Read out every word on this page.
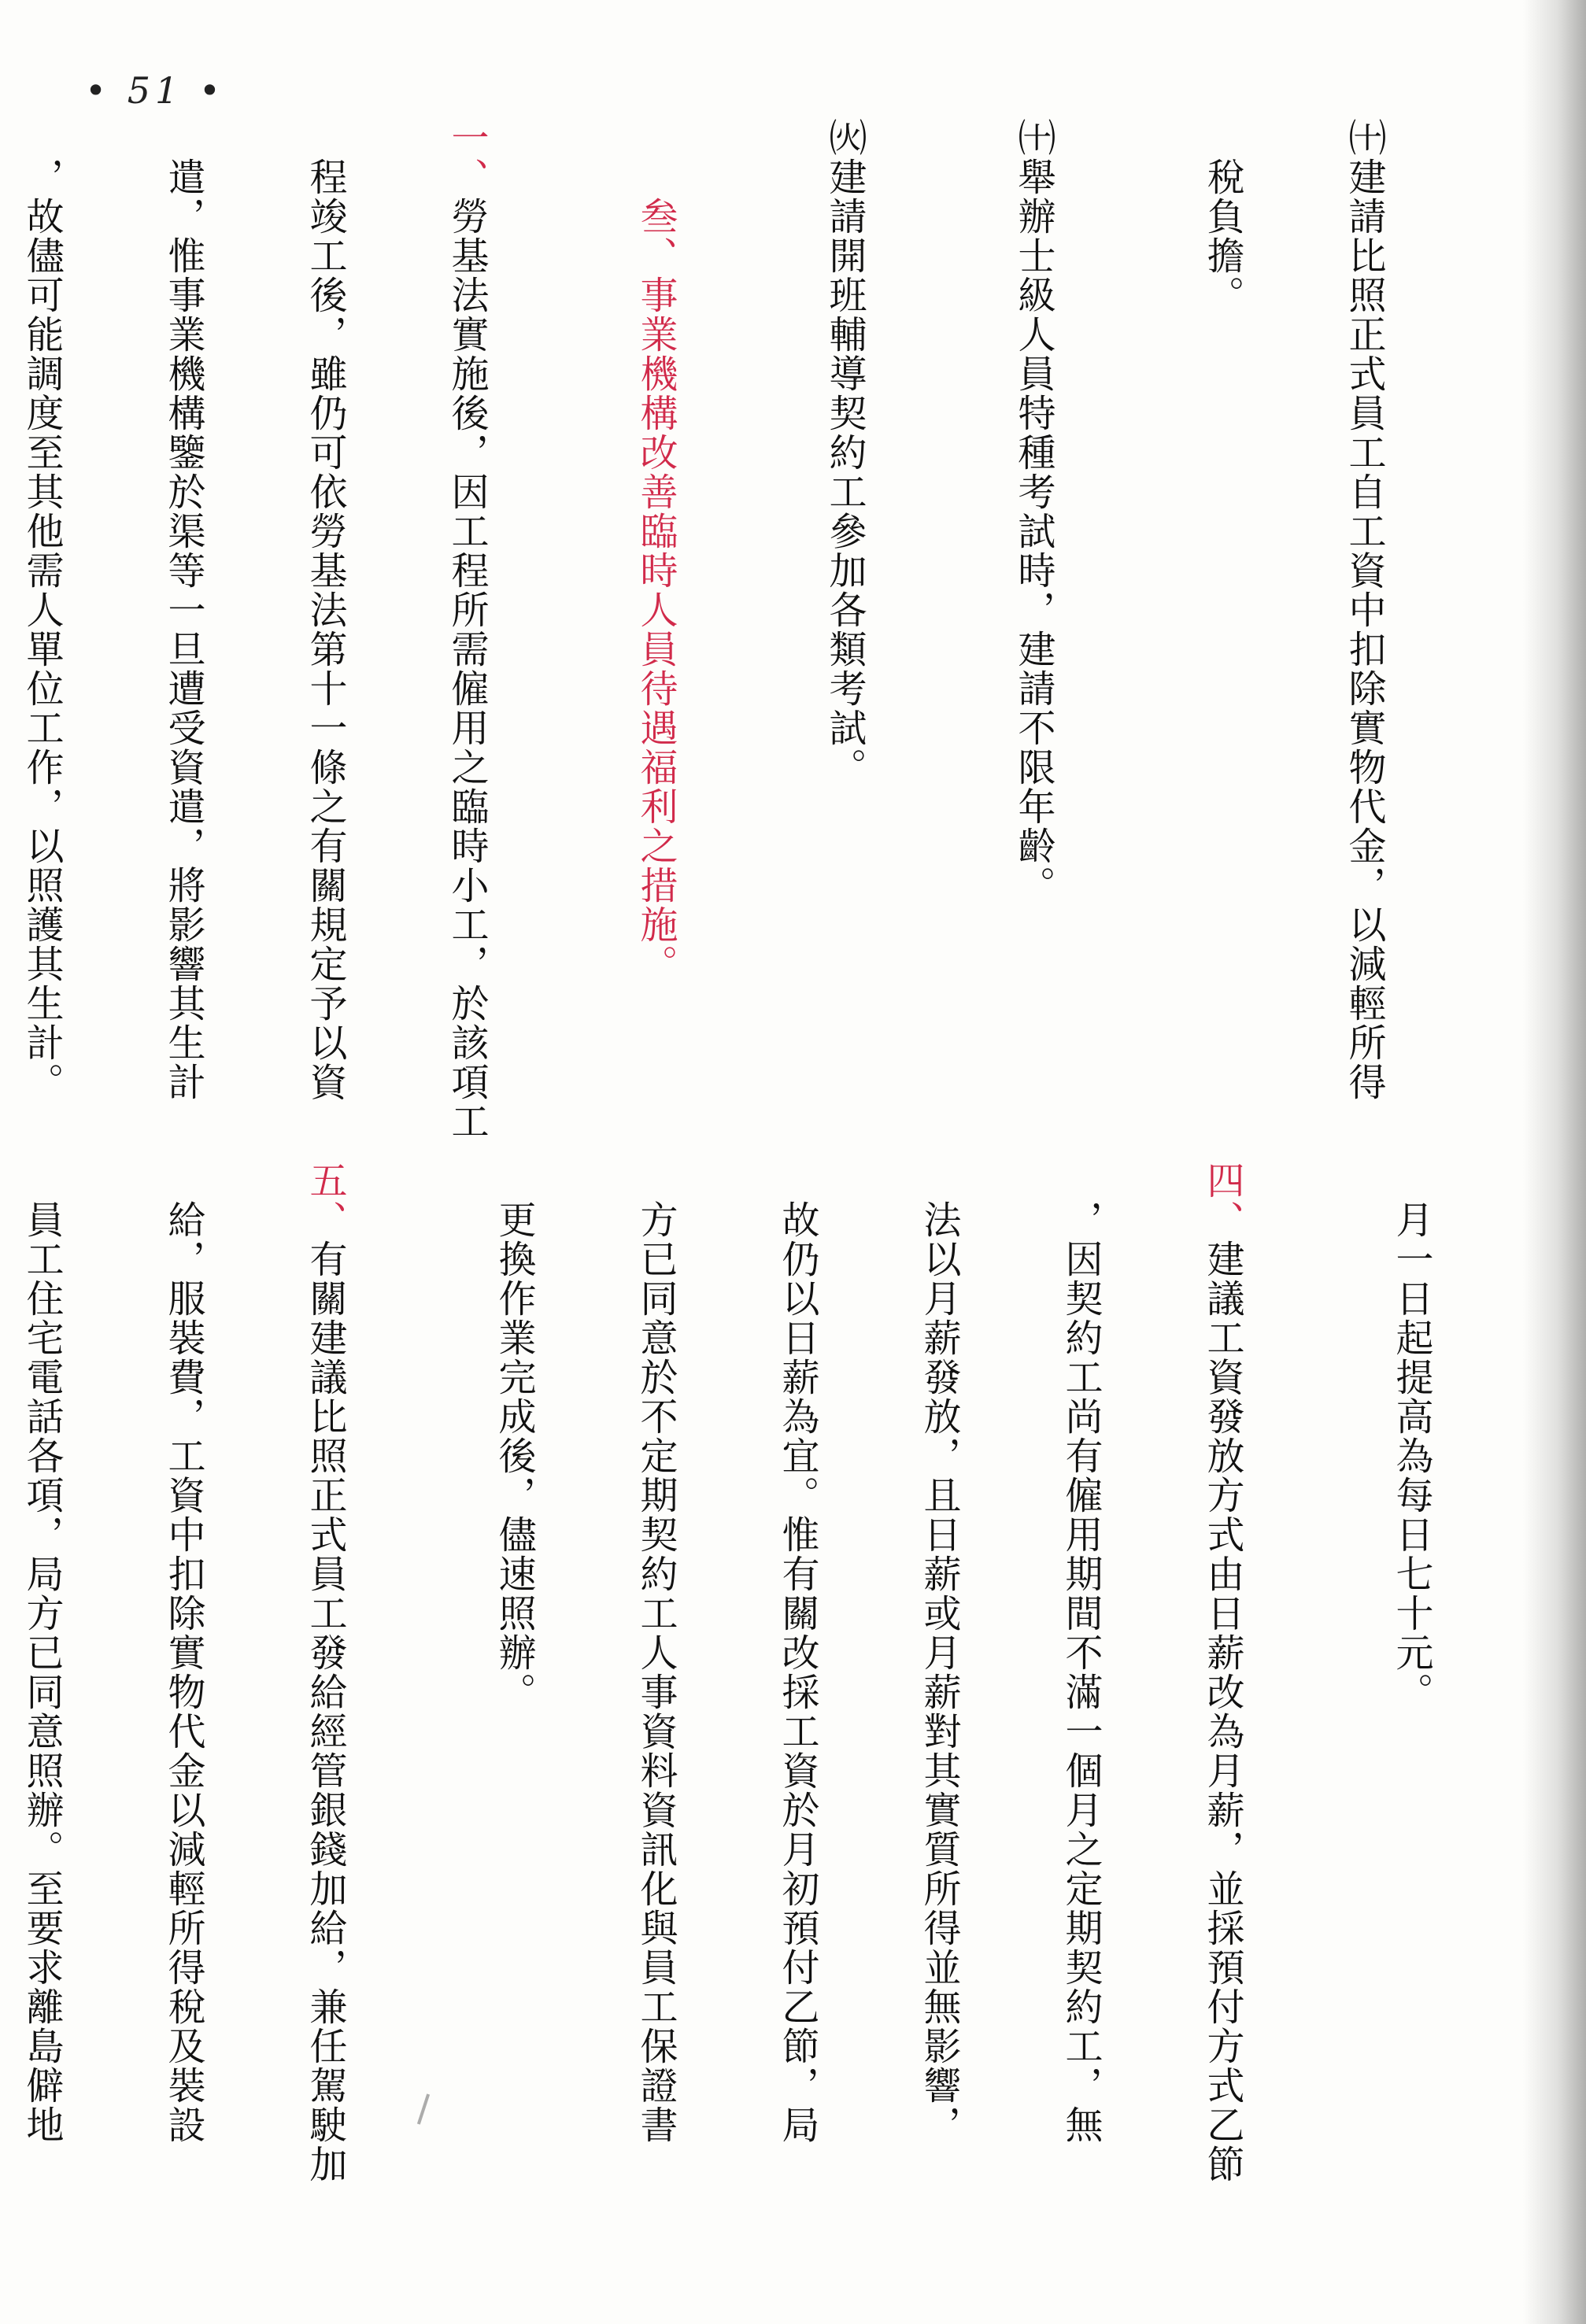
• 51 •

㈩建請比照正式員工自工資中扣除實物代金，以減輕所得

稅負擔。

㈩舉辦士級人員特種考試時，建請不限年齡。

㈫建請開班輔導契約工參加各類考試。

叁、事業機構改善臨時人員待遇福利之措施。

一、勞基法實施後，因工程所需僱用之臨時小工，於該項工

程竣工後，雖仍可依勞基法第十一條之有關規定予以資

遣，惟事業機構鑒於渠等一旦遭受資遣，將影響其生計

，故儘可能調度至其他需人單位工作，以照護其生計。

月一日起提高為每日七十元。

四、建議工資發放方式由日薪改為月薪，並採預付方式乙節

，因契約工尚有僱用期間不滿一個月之定期契約工，無

法以月薪發放，且日薪或月薪對其實質所得並無影響，

故仍以日薪為宜。惟有關改採工資於月初預付乙節，局

方已同意於不定期契約工人事資料資訊化與員工保證書

更換作業完成後，儘速照辦。

五、有關建議比照正式員工發給經管銀錢加給，兼任駕駛加

給，服裝費，工資中扣除實物代金以減輕所得稅及裝設

員工住宅電話各項，局方已同意照辦。至要求離島僻地
